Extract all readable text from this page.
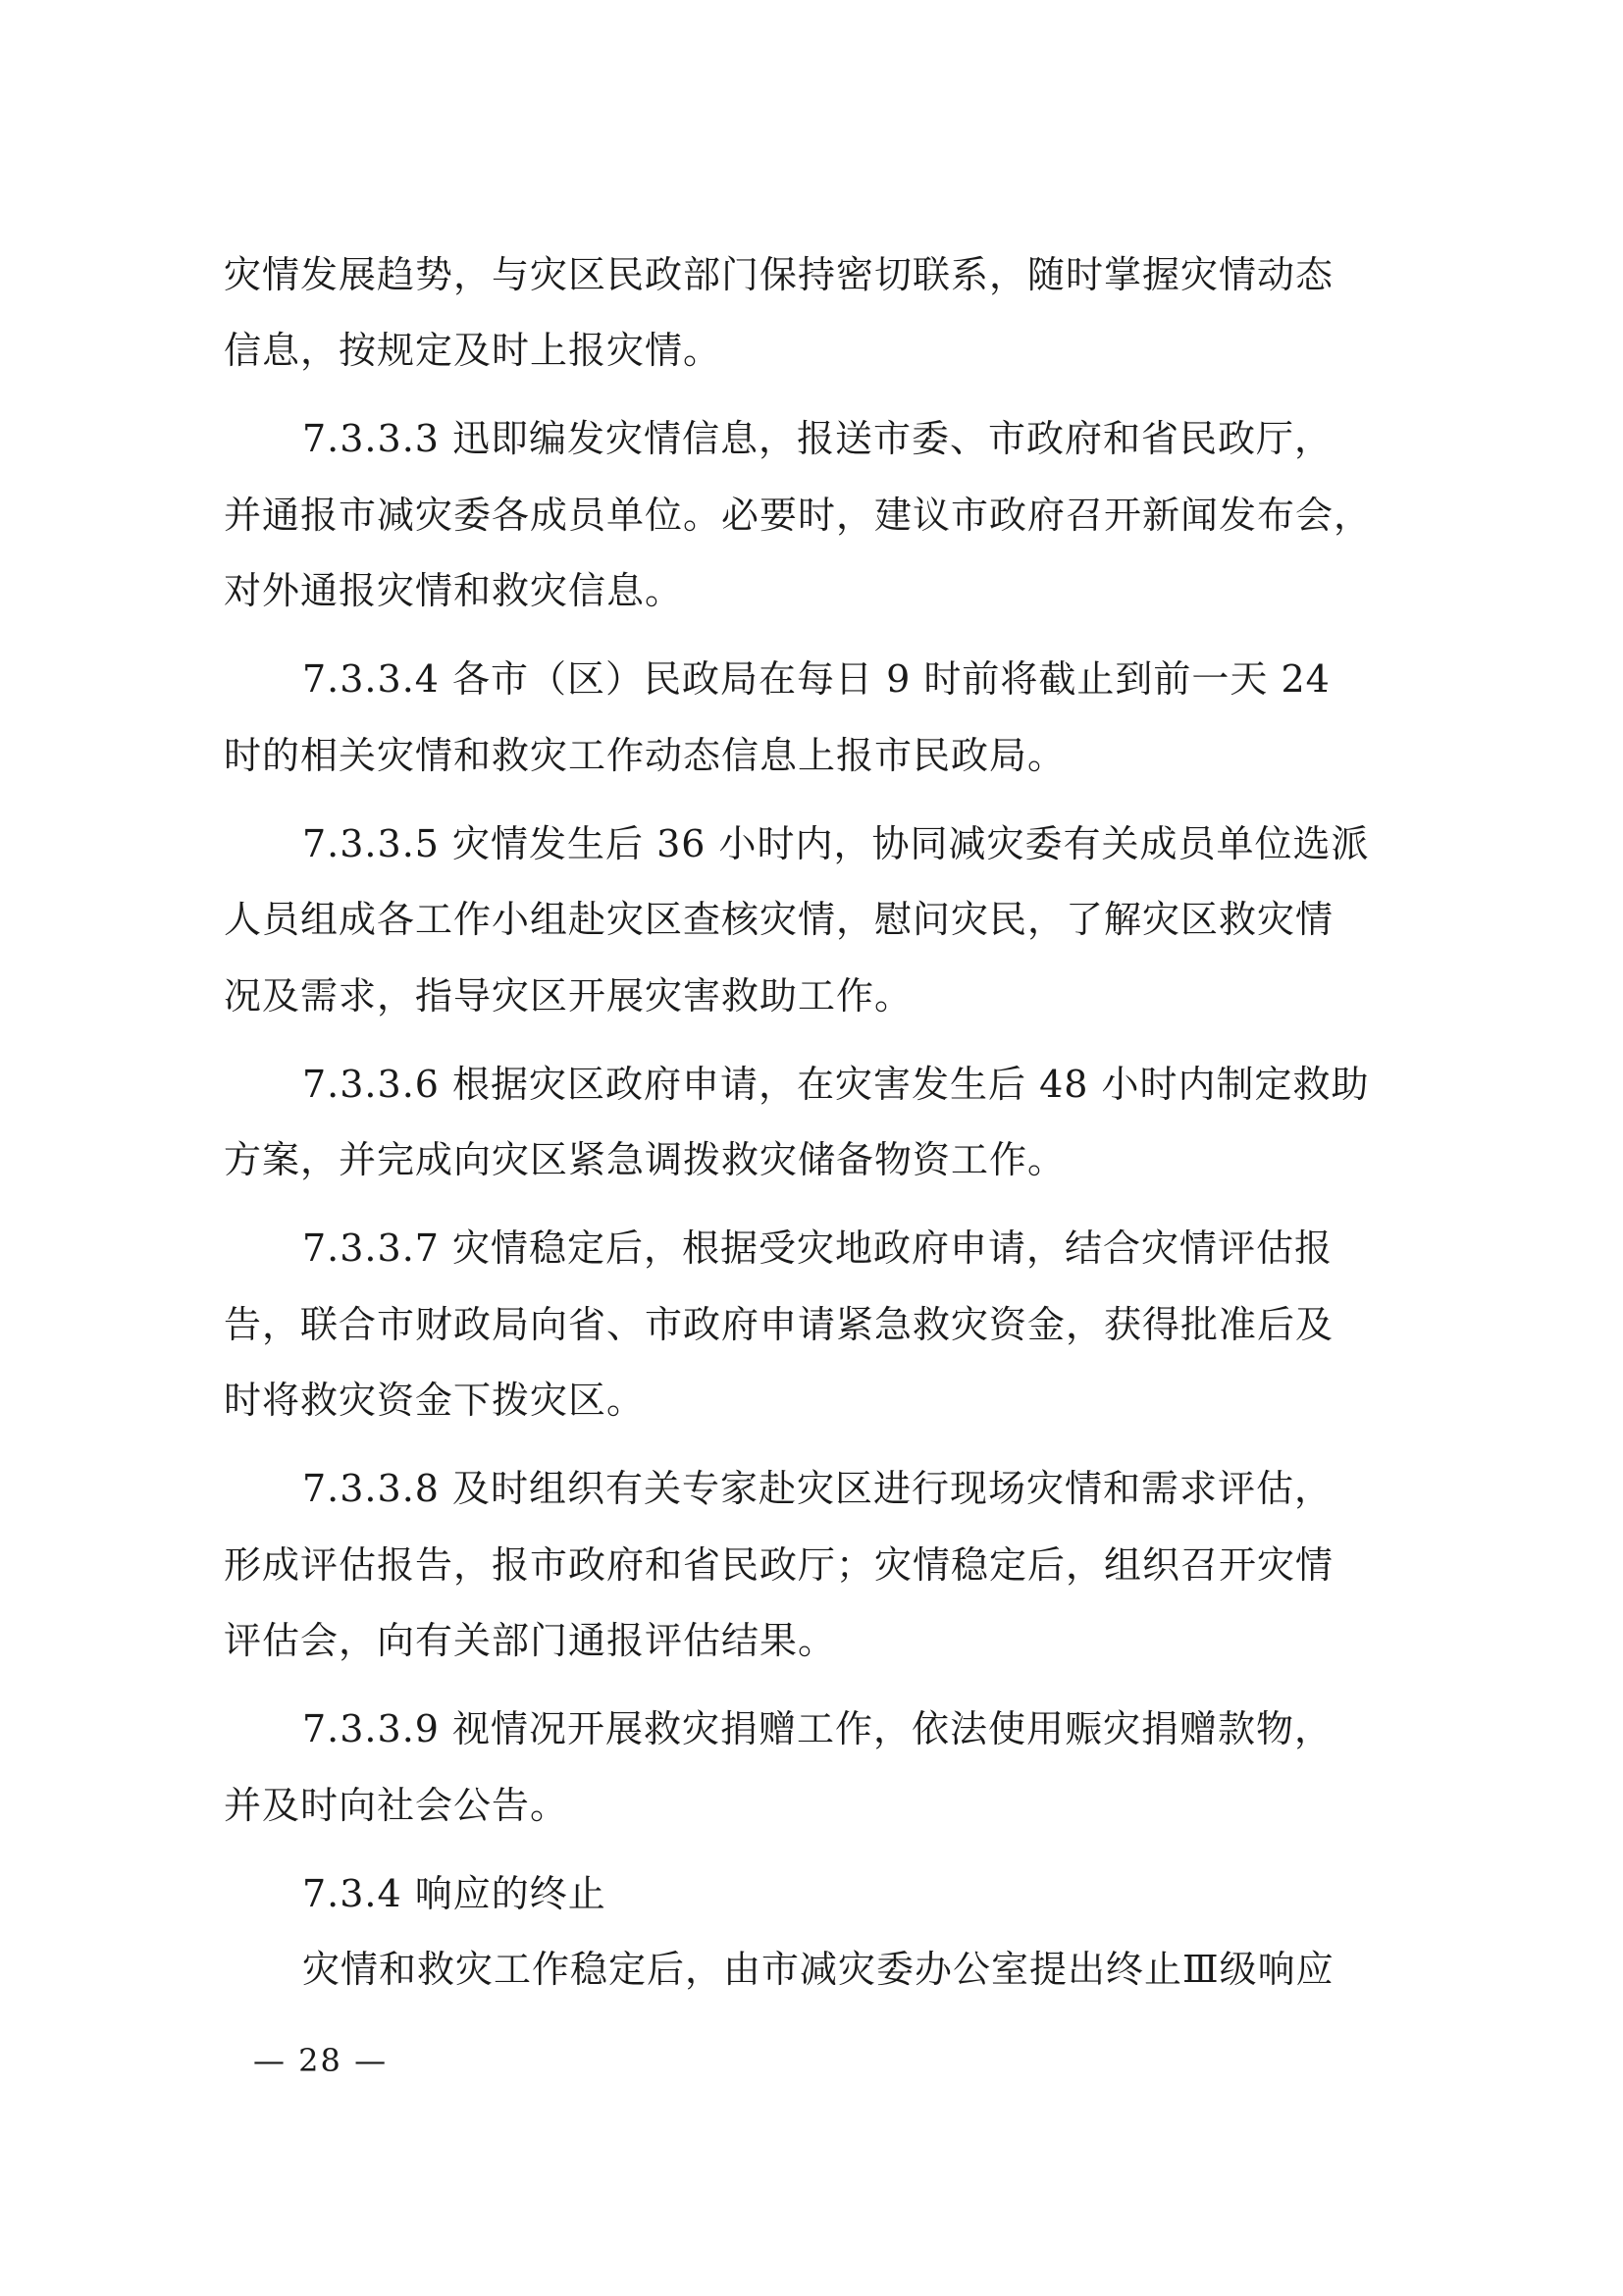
灾情发展趋势，与灾区民政部门保持密切联系，随时掌握灾情动态

信息，按规定及时上报灾情。

7.3.3.3 迅即编发灾情信息，报送市委、市政府和省民政厅，

并通报市减灾委各成员单位。必要时，建议市政府召开新闻发布会，

对外通报灾情和救灾信息。

7.3.3.4 各市（区）民政局在每日 9 时前将截止到前一天 24

时的相关灾情和救灾工作动态信息上报市民政局。

7.3.3.5 灾情发生后 36 小时内，协同减灾委有关成员单位选派

人员组成各工作小组赴灾区查核灾情，慰问灾民，了解灾区救灾情

况及需求，指导灾区开展灾害救助工作。

7.3.3.6 根据灾区政府申请，在灾害发生后 48 小时内制定救助

方案，并完成向灾区紧急调拨救灾储备物资工作。

7.3.3.7 灾情稳定后，根据受灾地政府申请，结合灾情评估报

告，联合市财政局向省、市政府申请紧急救灾资金，获得批准后及

时将救灾资金下拨灾区。

7.3.3.8 及时组织有关专家赴灾区进行现场灾情和需求评估，

形成评估报告，报市政府和省民政厅；灾情稳定后，组织召开灾情

评估会，向有关部门通报评估结果。

7.3.3.9 视情况开展救灾捐赠工作，依法使用赈灾捐赠款物，

并及时向社会公告。

7.3.4 响应的终止

灾情和救灾工作稳定后，由市减灾委办公室提出终止Ⅲ级响应

— 28 —
